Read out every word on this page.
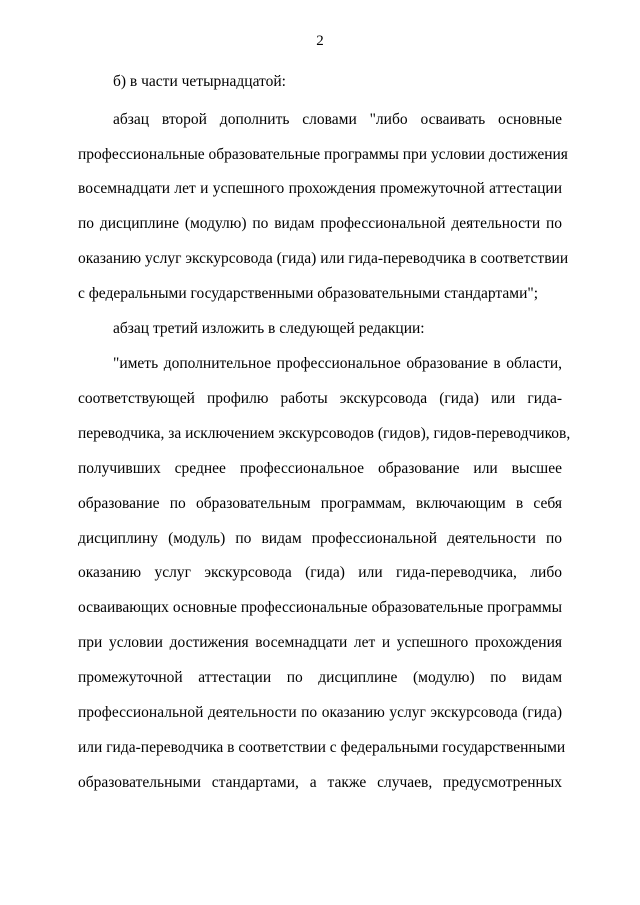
2
б) в части четырнадцатой:
абзац второй дополнить словами "либо осваивать основные
профессиональные образовательные программы при условии достижения
восемнадцати лет и успешного прохождения промежуточной аттестации
по дисциплине (модулю) по видам профессиональной деятельности по
оказанию услуг экскурсовода (гида) или гида-переводчика в соответствии
с федеральными государственными образовательными стандартами";
абзац третий изложить в следующей редакции:
"иметь дополнительное профессиональное образование в области,
соответствующей профилю работы экскурсовода (гида) или гида-
переводчика, за исключением экскурсоводов (гидов), гидов-переводчиков,
получивших среднее профессиональное образование или высшее
образование по образовательным программам, включающим в себя
дисциплину (модуль) по видам профессиональной деятельности по
оказанию услуг экскурсовода (гида) или гида-переводчика, либо
осваивающих основные профессиональные образовательные программы
при условии достижения восемнадцати лет и успешного прохождения
промежуточной аттестации по дисциплине (модулю) по видам
профессиональной деятельности по оказанию услуг экскурсовода (гида)
или гида-переводчика в соответствии с федеральными государственными
образовательными стандартами, а также случаев, предусмотренных
